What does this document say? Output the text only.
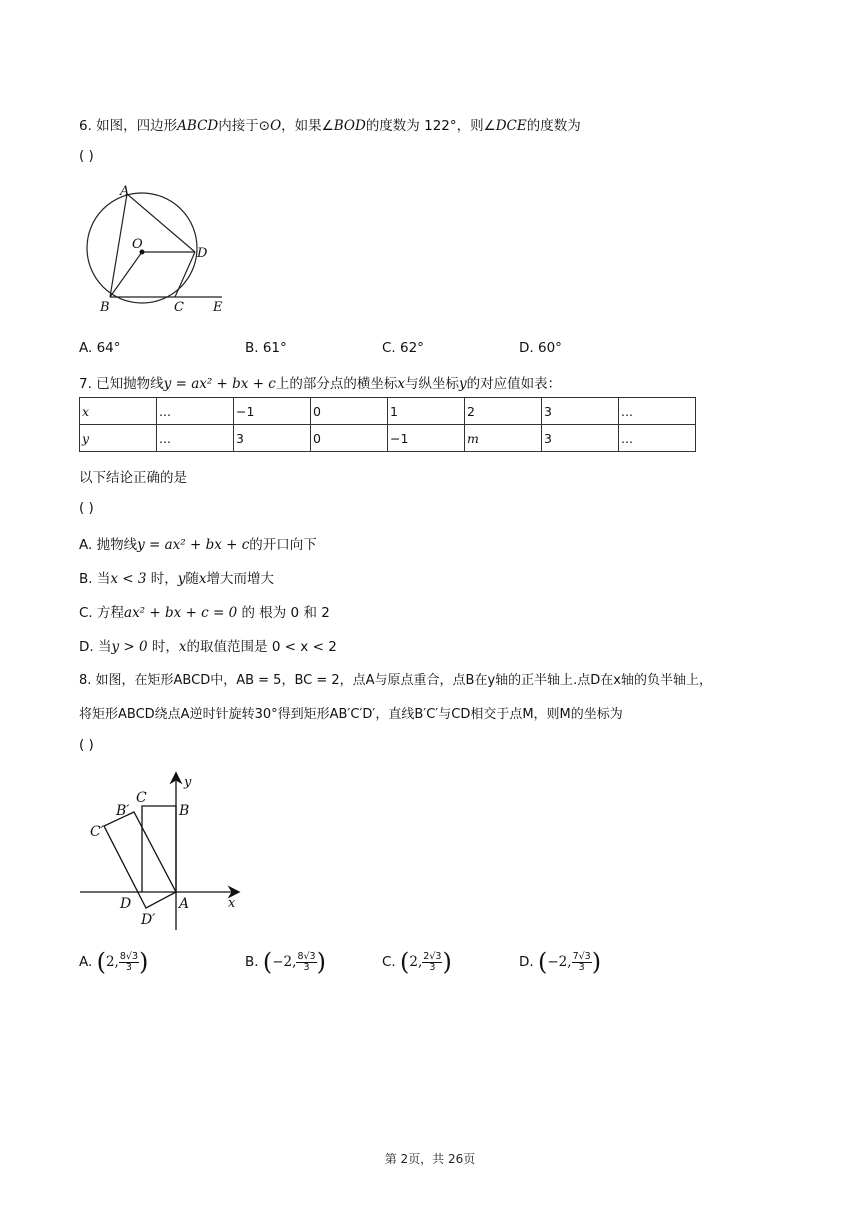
6. 如图，四边形ABCD内接于⊙O，如果∠BOD的度数为 122°，则∠DCE的度数为
( )
A
O
D
B	C E
A. 64°	B. 61°	C. 62°	D. 60°
7. 已知抛物线y = ax² + bx + c上的部分点的横坐标x与纵坐标y的对应值如表：
x	...	−1	0	1	2	3	...
y	...	3	0	−1	m	3	...
以下结论正确的是
( )
A. 抛物线y = ax² + bx + c的开口向下
B. 当x < 3 时，y随x增大而增大
C. 方程ax² + bx + c = 0 的 根为 0 和 2
D. 当y > 0 时，x的取值范围是 0 < x < 2
8. 如图，在矩形ABCD中，AB = 5，BC = 2，点A与原点重合，点B在y轴的正半轴上.点D在x轴的负半轴上，
将矩形ABCD绕点A逆时针旋转30°得到矩形AB′C′D′，直线B′C′与CD相交于点M，则M的坐标为
( )
y
x
C
B′	B
C′
D
D′
A
A. (2, $\frac{8√3}{3}$ )	B. (−2, $\frac{8√3}{3}$ )	C. (2, $\frac{2√3}{3}$ )	D. (−2, $\frac{7√3}{3}$ )
第 2页，共 26页
